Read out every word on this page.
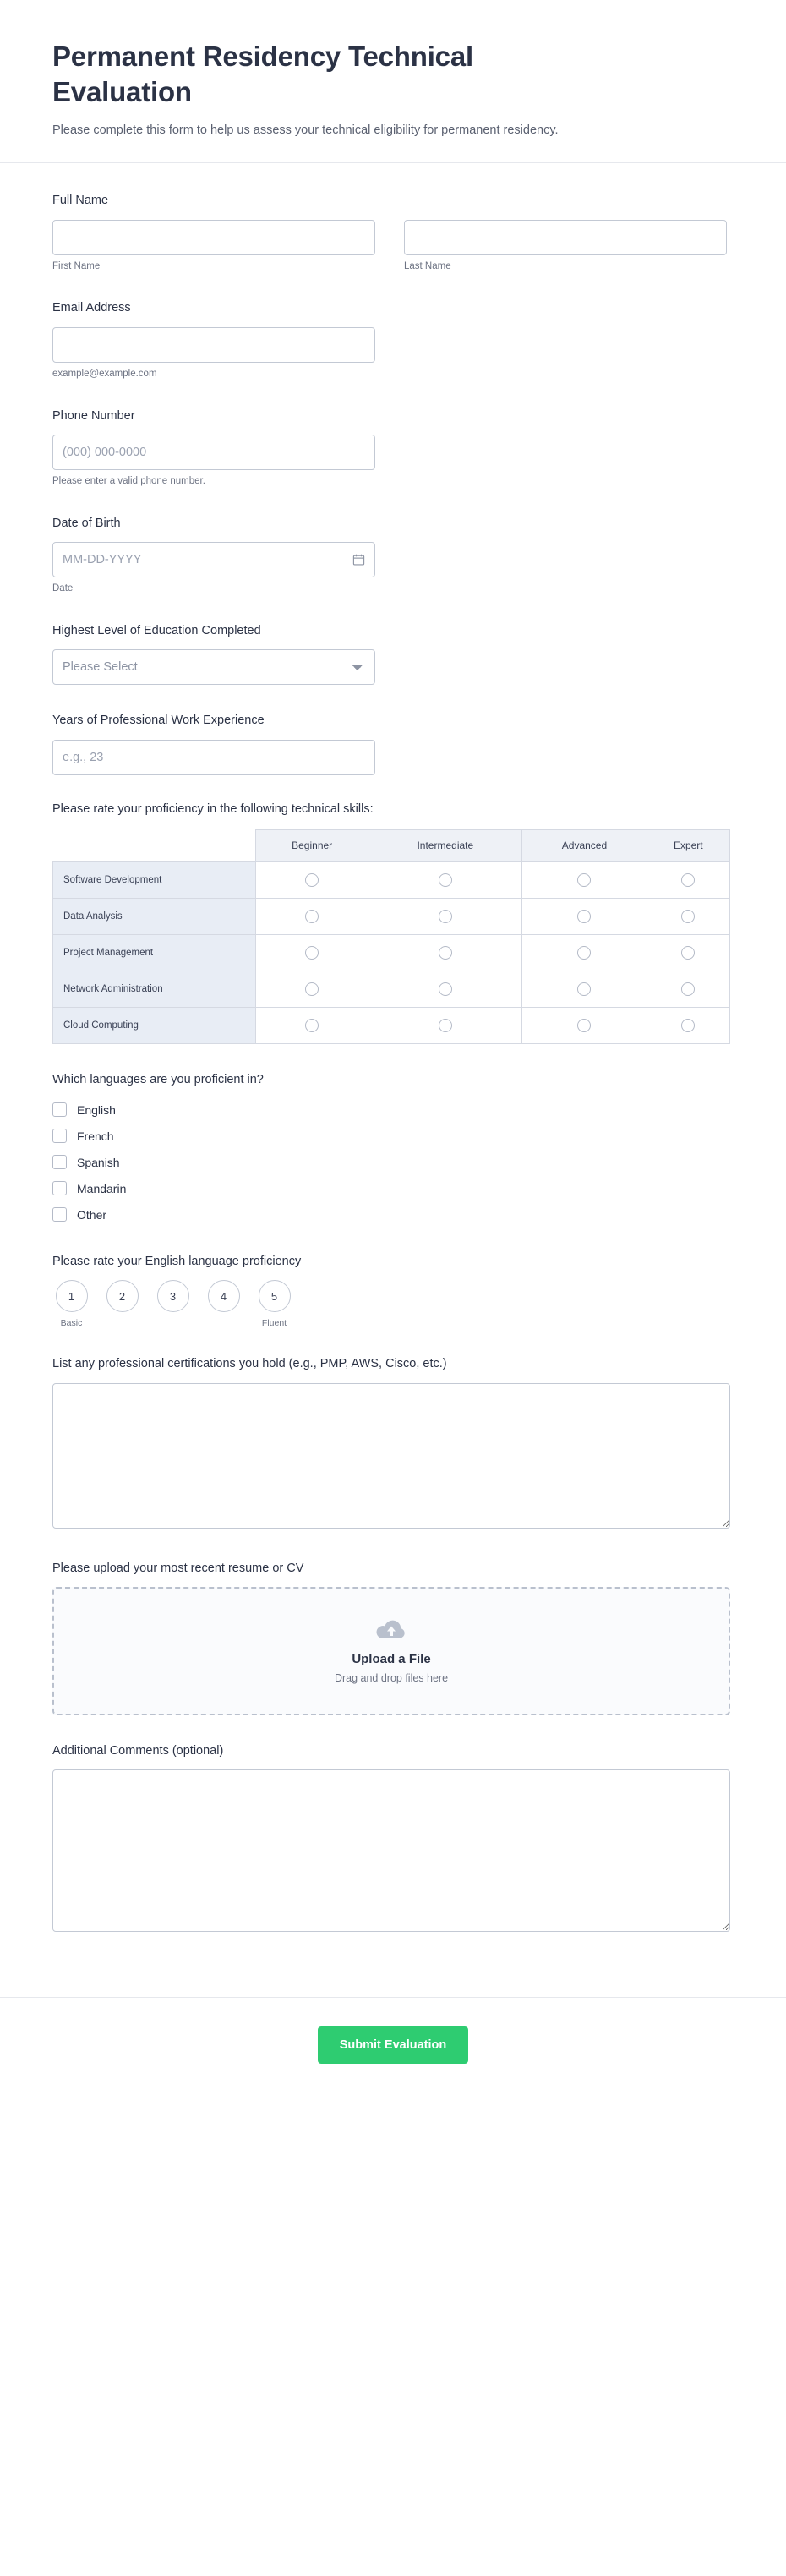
Permanent Residency Technical Evaluation

Please complete this form to help us assess your technical eligibility for permanent residency.

Full Name
First Name	Last Name
Email Address
example@example.com
Phone Number
(000) 000-0000
Please enter a valid phone number.
Date of Birth
MM-DD-YYYY
Date
Highest Level of Education Completed
Please Select
Years of Professional Work Experience
e.g., 23
Please rate your proficiency in the following technical skills:
	Beginner	Intermediate	Advanced	Expert
Software Development				
Data Analysis				
Project Management				
Network Administration				
Cloud Computing				
Which languages are you proficient in?
English
French
Spanish
Mandarin
Other
Please rate your English language proficiency
1
Basic
2	3	4	5
Fluent
List any professional certifications you hold (e.g., PMP, AWS, Cisco, etc.)
Please upload your most recent resume or CV
Upload a File
Drag and drop files here
Additional Comments (optional)
Submit Evaluation
